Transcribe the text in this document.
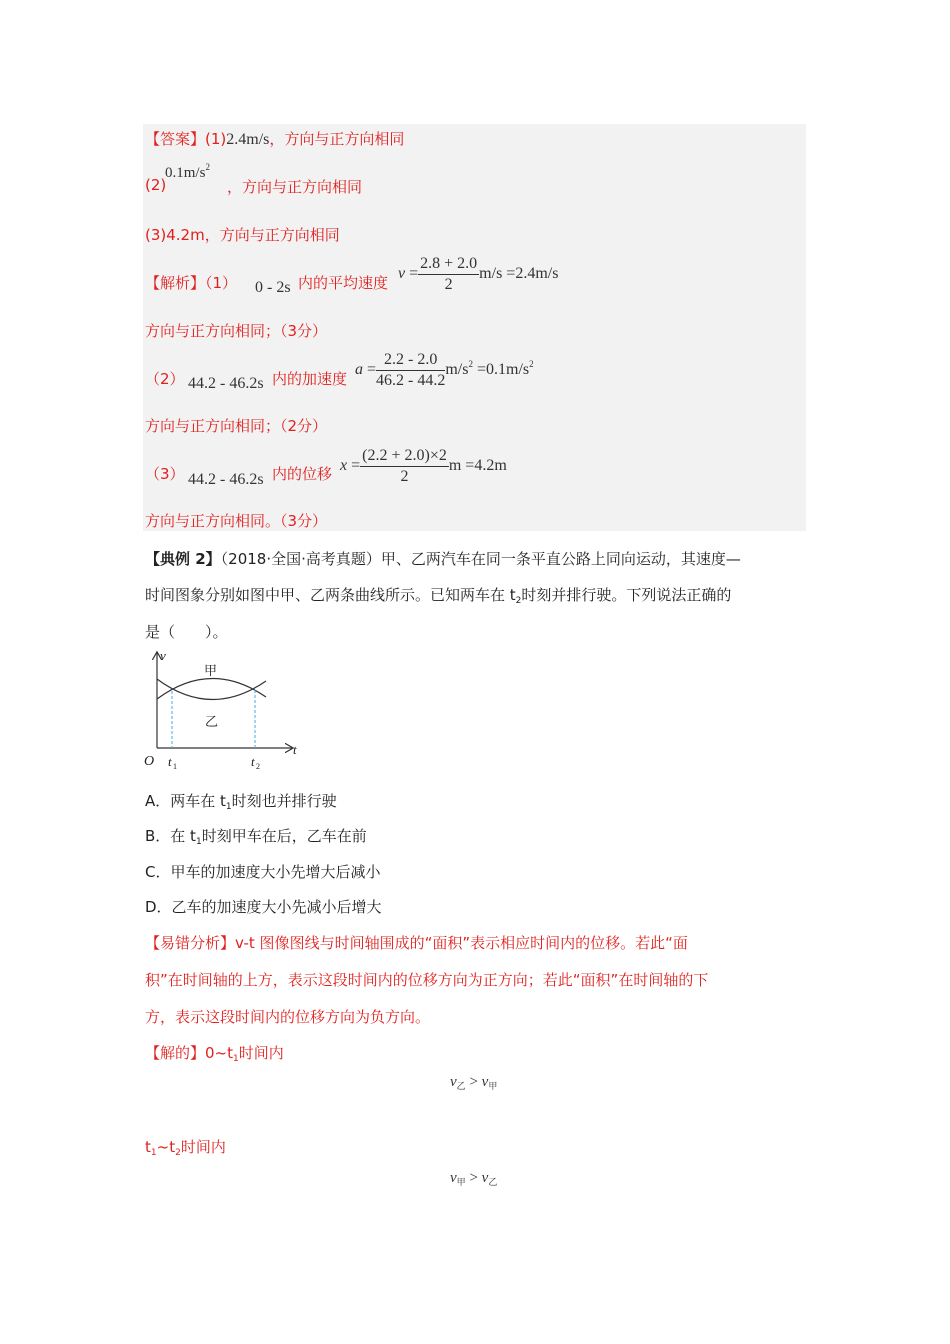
【答案】(1)2.4m/s，方向与正方向相同
(2)
$0.1m/s^2$
，方向与正方向相同
(3)4.2m，方向与正方向相同
【解析】（1） 0 - 2s 内的平均速度
$v = \frac{2.8 + 2.0}{2} m/s =2.4m/s$
方向与正方向相同；（3分）
（2） 44.2 - 46.2s 内的加速度
$a = \frac{2.2 - 2.0}{46.2 - 44.2} m/s^2 =0.1m/s^2$
方向与正方向相同；（2分）
（3） 44.2 - 46.2s 内的位移 $x = \frac{(2.2 + 2.0)\times 2}{2}$ m =4.2m
方向与正方向相同。（3分）
【典例 2】（2018·全国·高考真题）甲、乙两汽车在同一条平直公路上同向运动，其速度—
时间图象分别如图中甲、乙两条曲线所示。已知两车在 $t_2$时刻并排行驶。下列说法正确的
是（　　）。
v
t
O
甲
乙
t 1	t 2
A．两车在 $t_1$时刻也并排行驶
B．在 $t_1$时刻甲车在后，乙车在前
C．甲车的加速度大小先增大后减小
D．乙车的加速度大小先减小后增大
【易错分析】v-t 图像图线与时间轴围成的“面积”表示相应时间内的位移。若此“面
积”在时间轴的上方，表示这段时间内的位移方向为正方向；若此“面积”在时间轴的下
方，表示这段时间内的位移方向为负方向。
【解的】$0\sim t_1$时间内
$v_乙 > v_甲$
$t_1\sim t_2$时间内
$v_甲 > v_乙$
